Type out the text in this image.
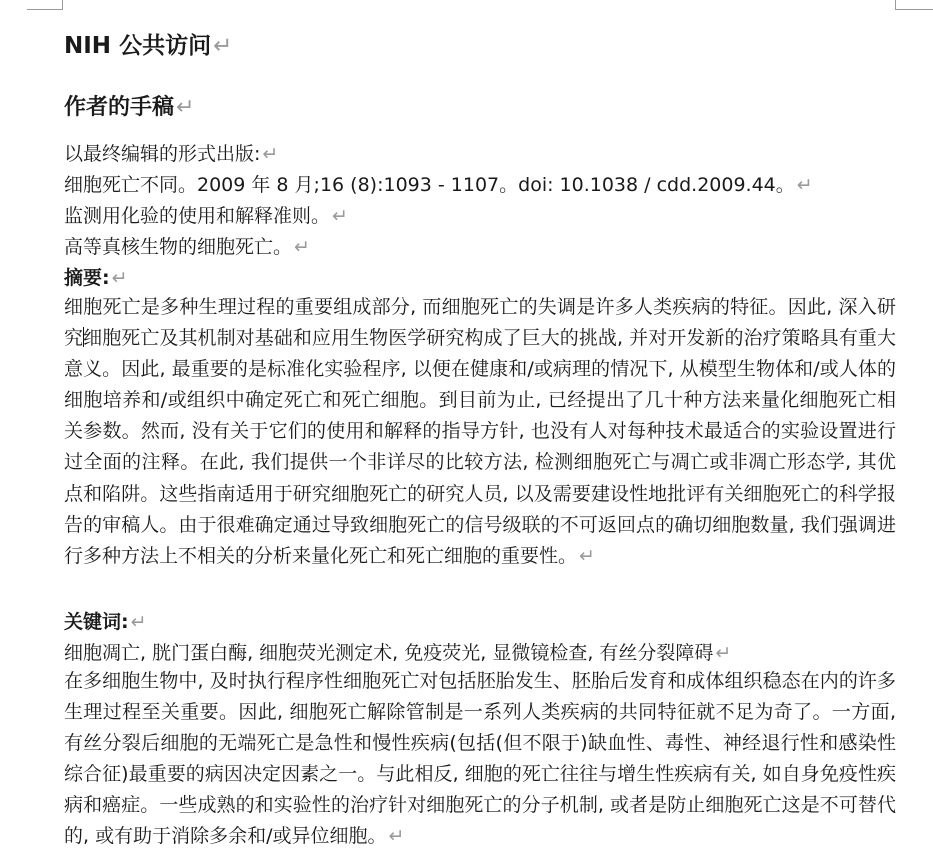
NIH 公共访问↵
作者的手稿↵
以最终编辑的形式出版: ↵
细胞死亡不同。2009 年 8 月;16 (8):1093 - 1107。doi: 10.1038 / cdd.2009.44。 ↵
监测用化验的使用和解释准则。 ↵
高等真核生物的细胞死亡。 ↵
摘要: ↵
细胞死亡是多种生理过程的重要组成部分, 而细胞死亡的失调是许多人类疾病的特征。因此, 深入研究细胞死亡及其机制对基础和应用生物医学研究构成了巨大的挑战, 并对开发新的治疗策略具有重大意义。因此, 最重要的是标准化实验程序, 以便在健康和/或病理的情况下, 从模型生物体和/或人体的细胞培养和/或组织中确定死亡和死亡细胞。到目前为止, 已经提出了几十种方法来量化细胞死亡相关参数。然而, 没有关于它们的使用和解释的指导方针, 也没有人对每种技术最适合的实验设置进行过全面的注释。在此, 我们提供一个非详尽的比较方法, 检测细胞死亡与凋亡或非凋亡形态学, 其优点和陷阱。这些指南适用于研究细胞死亡的研究人员, 以及需要建设性地批评有关细胞死亡的科学报告的审稿人。由于很难确定通过导致细胞死亡的信号级联的不可返回点的确切细胞数量, 我们强调进行多种方法上不相关的分析来量化死亡和死亡细胞的重要性。 ↵
关键词: ↵
细胞凋亡, 胱门蛋白酶, 细胞荧光测定术, 免疫荧光, 显微镜检查, 有丝分裂障碍 ↵
在多细胞生物中, 及时执行程序性细胞死亡对包括胚胎发生、胚胎后发育和成体组织稳态在内的许多生理过程至关重要。因此, 细胞死亡解除管制是一系列人类疾病的共同特征就不足为奇了。一方面, 有丝分裂后细胞的无端死亡是急性和慢性疾病(包括(但不限于)缺血性、毒性、神经退行性和感染性综合征)最重要的病因决定因素之一。与此相反, 细胞的死亡往往与增生性疾病有关, 如自身免疫性疾病和癌症。一些成熟的和实验性的治疗针对细胞死亡的分子机制, 或者是防止细胞死亡这是不可替代的, 或有助于消除多余和/或异位细胞。 ↵
